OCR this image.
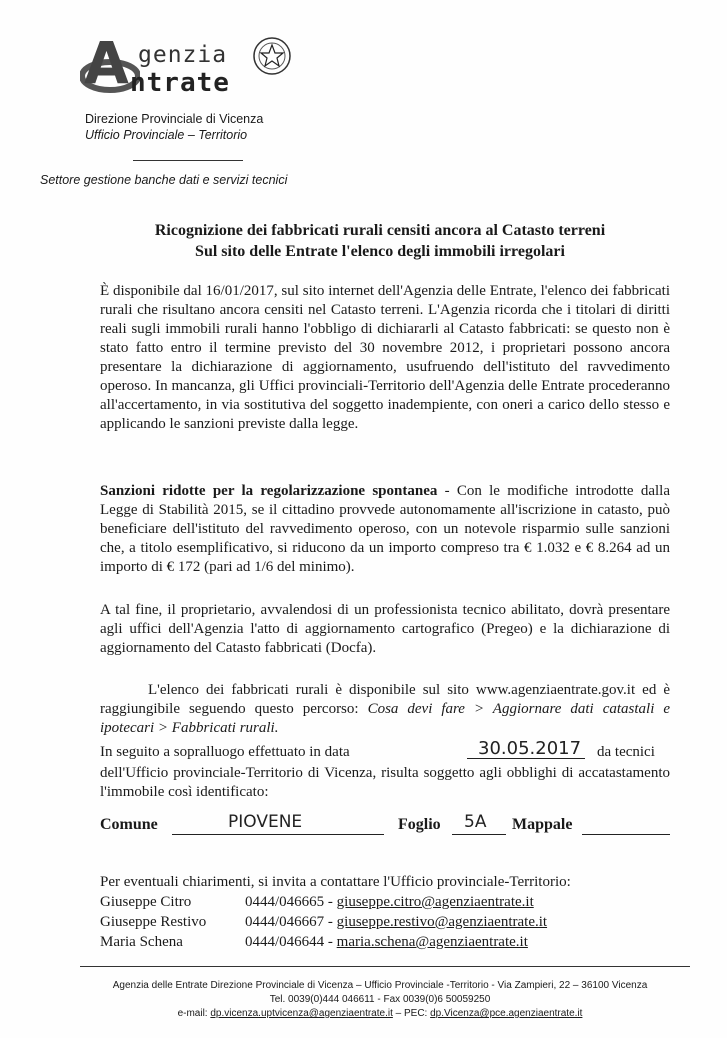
A genzia
ntrate
Direzione Provinciale di Vicenza
Ufficio Provinciale – Territorio
Settore gestione banche dati e servizi tecnici
Ricognizione dei fabbricati rurali censiti ancora al Catasto terreni
Sul sito delle Entrate l'elenco degli immobili irregolari
È disponibile dal 16/01/2017, sul sito internet dell'Agenzia delle Entrate, l'elenco dei fabbricati rurali che risultano ancora censiti nel Catasto terreni. L'Agenzia ricorda che i titolari di diritti reali sugli immobili rurali hanno l'obbligo di dichiararli al Catasto fabbricati: se questo non è stato fatto entro il termine previsto del 30 novembre 2012, i proprietari possono ancora presentare la dichiarazione di aggiornamento, usufruendo dell'istituto del ravvedimento operoso. In mancanza, gli Uffici provinciali-Territorio dell'Agenzia delle Entrate procederanno all'accertamento, in via sostitutiva del soggetto inadempiente, con oneri a carico dello stesso e applicando le sanzioni previste dalla legge.
Sanzioni ridotte per la regolarizzazione spontanea - Con le modifiche introdotte dalla Legge di Stabilità 2015, se il cittadino provvede autonomamente all'iscrizione in catasto, può beneficiare dell'istituto del ravvedimento operoso, con un notevole risparmio sulle sanzioni che, a titolo esemplificativo, si riducono da un importo compreso tra € 1.032 e € 8.264 ad un importo di € 172 (pari ad 1/6 del minimo).
A tal fine, il proprietario, avvalendosi di un professionista tecnico abilitato, dovrà presentare agli uffici dell'Agenzia l'atto di aggiornamento cartografico (Pregeo) e la dichiarazione di aggiornamento del Catasto fabbricati (Docfa).
L'elenco dei fabbricati rurali è disponibile sul sito www.agenziaentrate.gov.it ed è raggiungibile seguendo questo percorso: Cosa devi fare > Aggiornare dati catastali e ipotecari > Fabbricati rurali.
In seguito a sopralluogo effettuato in data	30.05.2017 da tecnici
dell'Ufficio provinciale-Territorio di Vicenza, risulta soggetto agli obblighi di accatastamento l'immobile così identificato:
Comune	PIOVENE	Foglio 5A Mappale
Per eventuali chiarimenti, si invita a contattare l'Ufficio provinciale-Territorio:
Giuseppe Citro	0444/046665 - giuseppe.citro@agenziaentrate.it
Giuseppe Restivo	0444/046667 - giuseppe.restivo@agenziaentrate.it
Maria Schena	0444/046644 - maria.schena@agenziaentrate.it
Agenzia delle Entrate Direzione Provinciale di Vicenza – Ufficio Provinciale -Territorio - Via Zampieri, 22 – 36100 Vicenza
Tel. 0039(0)444 046611 - Fax 0039(0)6 50059250
e-mail: dp.vicenza.uptvicenza@agenziaentrate.it – PEC: dp.Vicenza@pce.agenziaentrate.it
